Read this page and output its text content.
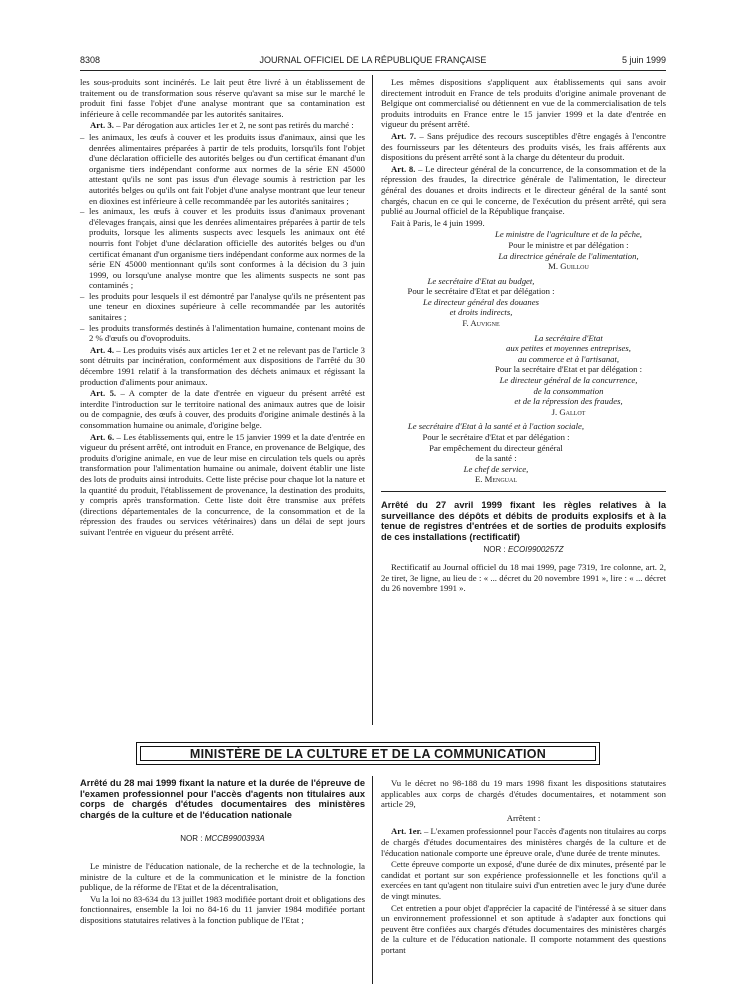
8308	JOURNAL OFFICIEL DE LA RÉPUBLIQUE FRANÇAISE	5 juin 1999

les sous-produits sont incinérés. Le lait peut être livré à un établissement de traitement ou de transformation sous réserve qu'avant sa mise sur le marché le produit fini fasse l'objet d'une analyse montrant que sa contamination est inférieure à celle recommandée par les autorités sanitaires.

Art. 3. – Par dérogation aux articles 1er et 2, ne sont pas retirés du marché :

– les animaux, les œufs à couver et les produits issus d'animaux, ainsi que les denrées alimentaires préparées à partir de tels produits, lorsqu'ils font l'objet d'une déclaration officielle des autorités belges ou d'un certificat émanant d'un organisme tiers indépendant conforme aux normes de la série EN 45000 attestant qu'ils ne sont pas issus d'un élevage soumis à restriction par les autorités belges ou qu'ils ont fait l'objet d'une analyse montrant que leur teneur en dioxines est inférieure à celle recommandée par les autorités sanitaires ;
– les animaux, les œufs à couver et les produits issus d'animaux provenant d'élevages français, ainsi que les denrées alimentaires préparées à partir de tels produits, lorsque les aliments suspects avec lesquels les animaux ont été nourris font l'objet d'une déclaration officielle des autorités belges ou d'un certificat émanant d'un organisme tiers indépendant conforme aux normes de la série EN 45000 mentionnant qu'ils sont conformes à la décision du 3 juin 1999, ou lorsqu'une analyse montre que les aliments suspects ne sont pas contaminés ;
– les produits pour lesquels il est démontré par l'analyse qu'ils ne présentent pas une teneur en dioxines supérieure à celle recommandée par les autorités sanitaires ;
– les produits transformés destinés à l'alimentation humaine, contenant moins de 2 % d'œufs ou d'ovoproduits.

Art. 4. – Les produits visés aux articles 1er et 2 et ne relevant pas de l'article 3 sont détruits par incinération, conformément aux dispositions de l'arrêté du 30 décembre 1991 relatif à la transformation des déchets animaux et régissant la production d'aliments pour animaux.

Art. 5. – A compter de la date d'entrée en vigueur du présent arrêté est interdite l'introduction sur le territoire national des animaux autres que de loisir ou de compagnie, des œufs à couver, des produits d'origine animale destinés à la consommation humaine ou animale, d'origine belge.

Art. 6. – Les établissements qui, entre le 15 janvier 1999 et la date d'entrée en vigueur du présent arrêté, ont introduit en France, en provenance de Belgique, des produits d'origine animale, en vue de leur mise en circulation tels quels ou après transformation pour l'alimentation humaine ou animale, doivent établir une liste des lots de produits ainsi introduits. Cette liste précise pour chaque lot la nature et la quantité du produit, l'établissement de provenance, la destination des produits, y compris après transformation. Cette liste doit être transmise aux préfets (directions départementales de la concurrence, de la consommation et de la répression des fraudes ou services vétérinaires) dans un délai de sept jours suivant l'entrée en vigueur du présent arrêté.

Les mêmes dispositions s'appliquent aux établissements qui sans avoir directement introduit en France de tels produits d'origine animale provenant de Belgique ont commercialisé ou détiennent en vue de la commercialisation de tels produits introduits en France entre le 15 janvier 1999 et la date d'entrée en vigueur du présent arrêté.

Art. 7. – Sans préjudice des recours susceptibles d'être engagés à l'encontre des fournisseurs par les détenteurs des produits visés, les frais afférents aux dispositions du présent arrêté sont à la charge du détenteur du produit.

Art. 8. – Le directeur général de la concurrence, de la consommation et de la répression des fraudes, la directrice générale de l'alimentation, le directeur général des douanes et droits indirects et le directeur général de la santé sont chargés, chacun en ce qui le concerne, de l'exécution du présent arrêté, qui sera publié au Journal officiel de la République française.

Fait à Paris, le 4 juin 1999.

Le ministre de l'agriculture et de la pêche,
Pour le ministre et par délégation :
La directrice générale de l'alimentation,
M. Guillou
Le secrétaire d'Etat au budget,
Pour le secrétaire d'Etat et par délégation :
Le directeur général des douanes
et droits indirects,
F. Auvigne
La secrétaire d'Etat
aux petites et moyennes entreprises,
au commerce et à l'artisanat,
Pour la secrétaire d'Etat et par délégation :
Le directeur général de la concurrence,
de la consommation
et de la répression des fraudes,
J. Gallot
Le secrétaire d'Etat à la santé et à l'action sociale,
Pour le secrétaire d'Etat et par délégation :
Par empêchement du directeur général
de la santé :
Le chef de service,
E. Mengual
Arrêté du 27 avril 1999 fixant les règles relatives à la surveillance des dépôts et débits de produits explosifs et à la tenue de registres d'entrées et de sorties de produits explosifs de ces installations (rectificatif)
NOR : ECOI9900257Z

Rectificatif au Journal officiel du 18 mai 1999, page 7319, 1re colonne, art. 2, 2e tiret, 3e ligne, au lieu de : « ... décret du 20 novembre 1991 », lire : « ... décret du 26 novembre 1991 ».

MINISTÈRE DE LA CULTURE ET DE LA COMMUNICATION
Arrêté du 28 mai 1999 fixant la nature et la durée de l'épreuve de l'examen professionnel pour l'accès d'agents non titulaires aux corps de chargés d'études documentaires des ministères chargés de la culture et de l'éducation nationale
NOR : MCCB9900393A

Le ministre de l'éducation nationale, de la recherche et de la technologie, la ministre de la culture et de la communication et le ministre de la fonction publique, de la réforme de l'Etat et de la décentralisation,

Vu la loi no 83-634 du 13 juillet 1983 modifiée portant droit et obligations des fonctionnaires, ensemble la loi no 84-16 du 11 janvier 1984 modifiée portant dispositions statutaires relatives à la fonction publique de l'Etat ;

Vu le décret no 98-188 du 19 mars 1998 fixant les dispositions statutaires applicables aux corps de chargés d'études documentaires, et notamment son article 29,

Arrêtent :

Art. 1er. – L'examen professionnel pour l'accès d'agents non titulaires au corps de chargés d'études documentaires des ministères chargés de la culture et de l'éducation nationale comporte une épreuve orale, d'une durée de trente minutes.

Cette épreuve comporte un exposé, d'une durée de dix minutes, présenté par le candidat et portant sur son expérience professionnelle et les fonctions qu'il a exercées en tant qu'agent non titulaire suivi d'un entretien avec le jury d'une durée de vingt minutes.

Cet entretien a pour objet d'apprécier la capacité de l'intéressé à se situer dans un environnement professionnel et son aptitude à s'adapter aux fonctions qui peuvent être confiées aux chargés d'études documentaires des ministères chargés de la culture et de l'éducation nationale. Il comporte notamment des questions portant
